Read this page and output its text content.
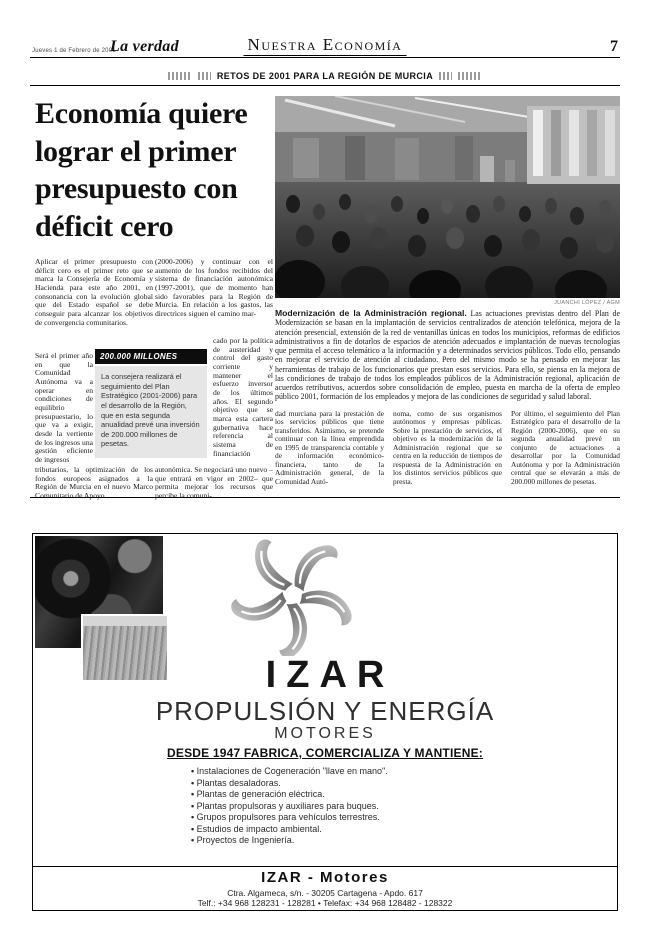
Jueves 1 de Febrero de 2001
La verdad	Nuestra Economía	7
RETOS DE 2001 PARA LA REGIÓN DE MURCIA
Economía quiere lograr el primer presupuesto con déficit cero
Aplicar el primer presupuesto con déficit cero es el primer reto que se marca la Consejería de Economía y Hacienda para este año 2001, en consonancia con la evolución global que del Estado español se debe conseguir para alcanzar los objetivos de convergencia comunitarios.
Será el primer año en que la Comunidad Autónoma va a operar en condiciones de equilibrio presupuestario, lo que va a exigir, desde la vertiente de los ingresos una gestión eficiente de ingresos
tributarios, la optimización de los fondos europeos asignados a la Región de Murcia en el nuevo Marco Comunitario de Apoyo
(2000-2006) y continuar con el aumento de los fondos recibidos del sistema de financiación autonómica (1997-2001), que de momento han sido favorables para la Región de Murcia. En relación a los gastos, las directrices siguen el camino mar-
cado por la política de austeridad y control del gasto corriente y mantener el esfuerzo inversor de los últimos años. El segundo objetivo que se marca esta cartera gubernativa hace referencia al sistema de financiación
autonómica. Se negociará uno nuevo –que entrará en vigor en 2002– que permita mejorar los recursos que percibe la comuni-
200.000 MILLONES
La consejera realizará el seguimiento del Plan Estratégico (2001-2006) para el desarrollo de la Región, que en esta segunda anualidad prevé una inversión de 200.000 millones de pesetas.
JUANCHI LÓPEZ / AGM
Modernización de la Administración regional. Las actuaciones previstas dentro del Plan de Modernización se basan en la implantación de servicios centralizados de atención telefónica, mejora de la atención presencial, extensión de la red de ventanillas únicas en todos los municipios, reformas de edificios administrativos a fin de dotarlos de espacios de atención adecuados e implantación de nuevas tecnologías que permita el acceso telemático a la información y a determinados servicios públicos. Todo ello, pensando en mejorar el servicio de atención al ciudadano. Pero del mismo modo se ha pensado en mejorar las herramientas de trabajo de los funcionarios que prestan esos servicios. Para ello, se piensa en la mejora de las condiciones de trabajo de todos los empleados públicos de la Administración regional, aplicación de acuerdos retributivos, acuerdos sobre consolidación de empleo, puesta en marcha de la oferta de empleo público 2001, formación de los empleados y mejora de las condiciones de seguridad y salud laboral.
dad murciana para la prestación de los servicios públicos que tiene transferidos. Asimismo, se pretende continuar con la línea emprendida en 1995 de transparencia contable y de información económico-financiera, tanto de la Administración general, de la Comunidad Autó-
noma, como de sus organismos autónomos y empresas públicas. Sobre la prestación de servicios, el objetivo es la modernización de la Administración regional que se centra en la reducción de tiempos de respuesta de la Administración en los distintos servicios públicos que presta.
Por último, el seguimiento del Plan Estratégico para el desarrollo de la Región (2000-2006), que en su segunda anualidad prevé un conjunto de actuaciones a desarrollar por la Comunidad Autónoma y por la Administración central que se elevarán a más de 200.000 millones de pesetas.
IZAR
PROPULSIÓN Y ENERGÍA
MOTORES
DESDE 1947 FABRICA, COMERCIALIZA Y MANTIENE:
• Instalaciones de Cogeneración "llave en mano".
• Plantas desaladoras.
• Plantas de generación eléctrica.
• Plantas propulsoras y auxiliares para buques.
• Grupos propulsores para vehículos terrestres.
• Estudios de impacto ambiental.
• Proyectos de Ingeniería.
IZAR - Motores
Ctra. Algameca, s/n. - 30205 Cartagena - Apdo. 617
Telf.: +34 968 128231 - 128281 • Telefax: +34 968 128482 - 128322
